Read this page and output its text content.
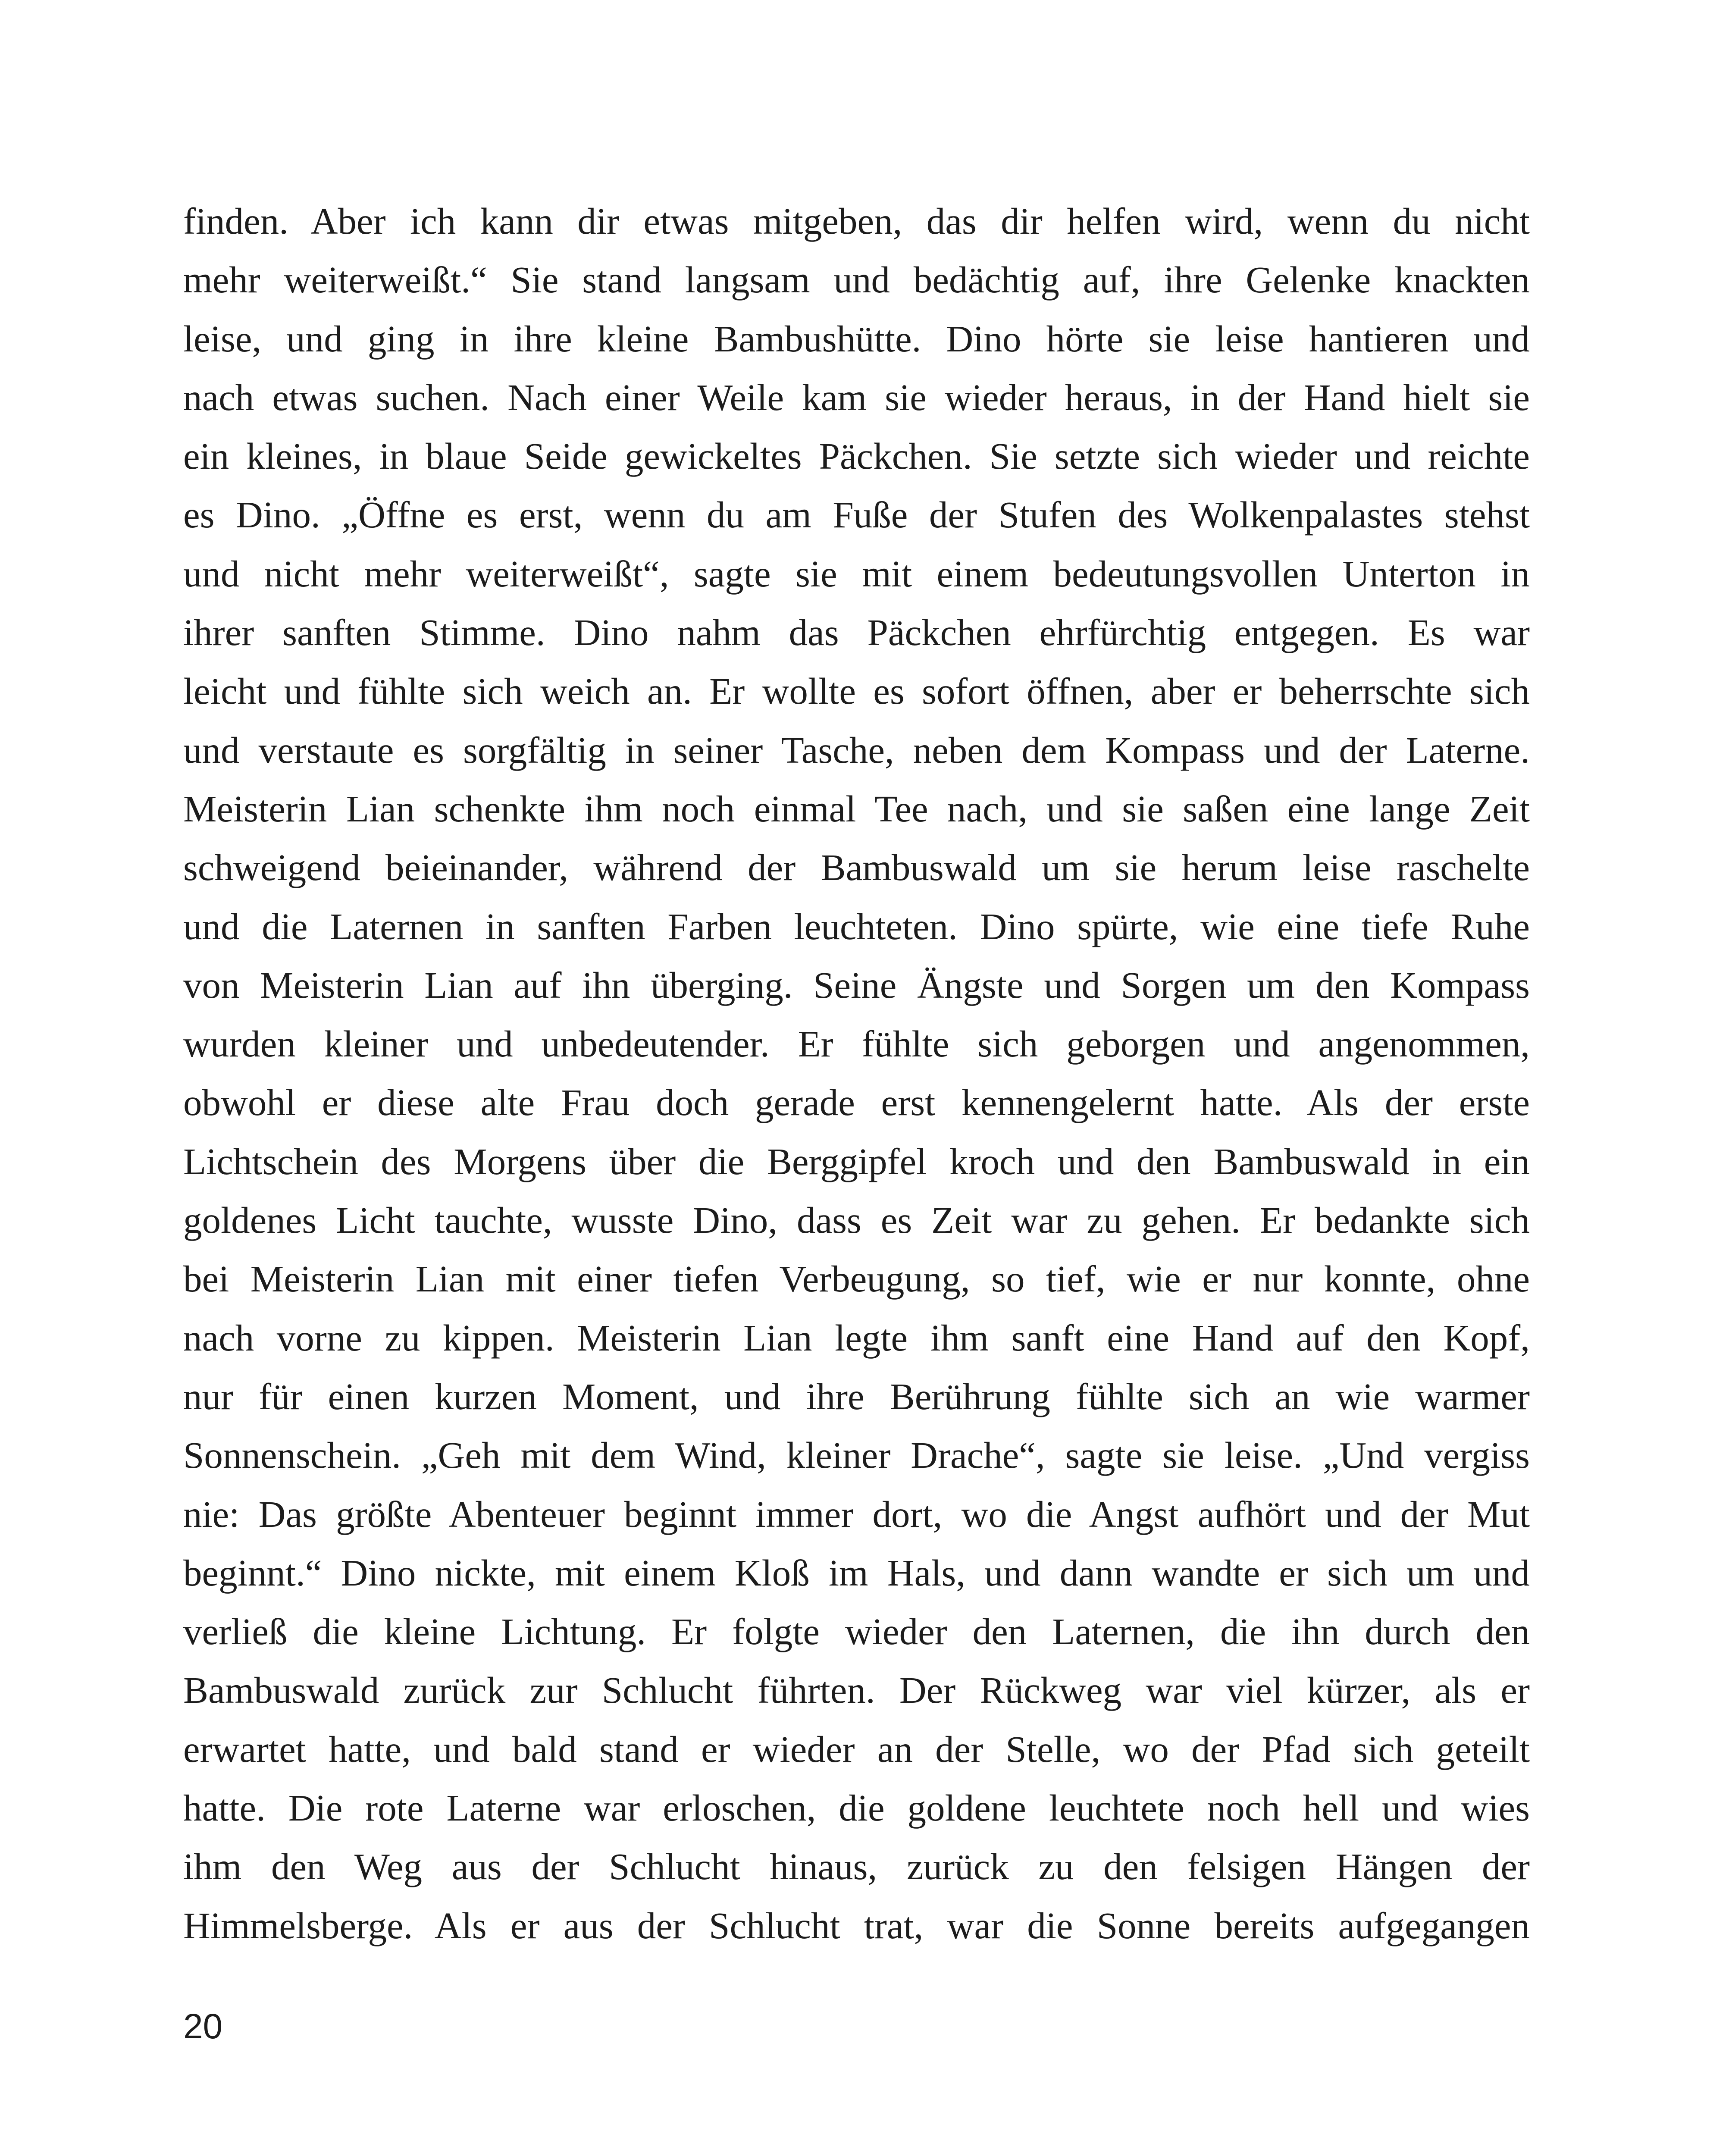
finden. Aber ich kann dir etwas mitgeben, das dir helfen wird, wenn du nicht
mehr weiterweißt.“ Sie stand langsam und bedächtig auf, ihre Gelenke knackten
leise, und ging in ihre kleine Bambushütte. Dino hörte sie leise hantieren und
nach etwas suchen. Nach einer Weile kam sie wieder heraus, in der Hand hielt sie
ein kleines, in blaue Seide gewickeltes Päckchen. Sie setzte sich wieder und reichte
es Dino. „Öffne es erst, wenn du am Fuße der Stufen des Wolkenpalastes stehst
und nicht mehr weiterweißt“, sagte sie mit einem bedeutungsvollen Unterton in
ihrer sanften Stimme. Dino nahm das Päckchen ehrfürchtig entgegen. Es war
leicht und fühlte sich weich an. Er wollte es sofort öffnen, aber er beherrschte sich
und verstaute es sorgfältig in seiner Tasche, neben dem Kompass und der Laterne.
Meisterin Lian schenkte ihm noch einmal Tee nach, und sie saßen eine lange Zeit
schweigend beieinander, während der Bambuswald um sie herum leise raschelte
und die Laternen in sanften Farben leuchteten. Dino spürte, wie eine tiefe Ruhe
von Meisterin Lian auf ihn überging. Seine Ängste und Sorgen um den Kompass
wurden kleiner und unbedeutender. Er fühlte sich geborgen und angenommen,
obwohl er diese alte Frau doch gerade erst kennengelernt hatte. Als der erste
Lichtschein des Morgens über die Berggipfel kroch und den Bambuswald in ein
goldenes Licht tauchte, wusste Dino, dass es Zeit war zu gehen. Er bedankte sich
bei Meisterin Lian mit einer tiefen Verbeugung, so tief, wie er nur konnte, ohne
nach vorne zu kippen. Meisterin Lian legte ihm sanft eine Hand auf den Kopf,
nur für einen kurzen Moment, und ihre Berührung fühlte sich an wie warmer
Sonnenschein. „Geh mit dem Wind, kleiner Drache“, sagte sie leise. „Und vergiss
nie: Das größte Abenteuer beginnt immer dort, wo die Angst aufhört und der Mut
beginnt.“ Dino nickte, mit einem Kloß im Hals, und dann wandte er sich um und
verließ die kleine Lichtung. Er folgte wieder den Laternen, die ihn durch den
Bambuswald zurück zur Schlucht führten. Der Rückweg war viel kürzer, als er
erwartet hatte, und bald stand er wieder an der Stelle, wo der Pfad sich geteilt
hatte. Die rote Laterne war erloschen, die goldene leuchtete noch hell und wies
ihm den Weg aus der Schlucht hinaus, zurück zu den felsigen Hängen der
Himmelsberge. Als er aus der Schlucht trat, war die Sonne bereits aufgegangen

20
